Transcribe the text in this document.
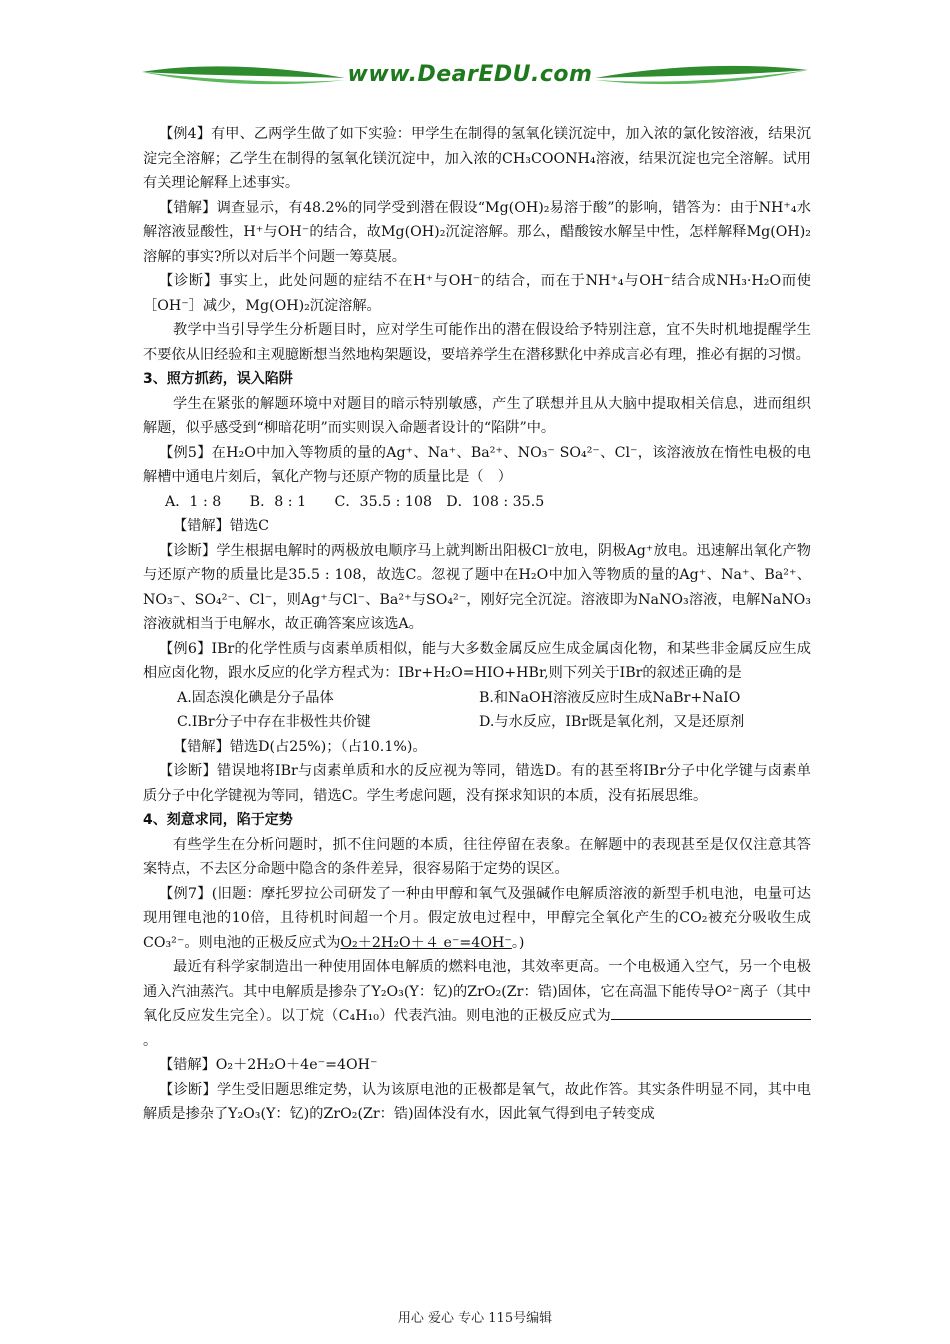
www.DearEDU.com

【例4】有甲、乙两学生做了如下实验：甲学生在制得的氢氧化镁沉淀中，加入浓的氯化铵溶液，结果沉淀完全溶解；乙学生在制得的氢氧化镁沉淀中，加入浓的CH₃COONH₄溶液，结果沉淀也完全溶解。试用有关理论解释上述事实。

【错解】调查显示，有48.2%的同学受到潜在假设“Mg(OH)₂易溶于酸”的影响，错答为：由于NH⁺₄水解溶液显酸性，H⁺与OH⁻的结合，故Mg(OH)₂沉淀溶解。那么，醋酸铵水解呈中性，怎样解释Mg(OH)₂溶解的事实?所以对后半个问题一筹莫展。

【诊断】事实上，此处问题的症结不在H⁺与OH⁻的结合，而在于NH⁺₄与OH⁻结合成NH₃·H₂O而使［OH⁻］减少，Mg(OH)₂沉淀溶解。

教学中当引导学生分析题目时，应对学生可能作出的潜在假设给予特别注意，宜不失时机地提醒学生不要依从旧经验和主观臆断想当然地构架题设，要培养学生在潜移默化中养成言必有理，推必有据的习惯。

3、照方抓药，误入陷阱

学生在紧张的解题环境中对题目的暗示特别敏感，产生了联想并且从大脑中提取相关信息，进而组织解题，似乎感受到“柳暗花明”而实则误入命题者设计的“陷阱”中。

【例5】在H₂O中加入等物质的量的Ag⁺、Na⁺、Ba²⁺、NO₃⁻ SO₄²⁻、Cl⁻，该溶液放在惰性电极的电解槽中通电片刻后，氧化产物与还原产物的质量比是（　）

A．1 : 8　　B．8 : 1　　C．35.5 : 108　D．108 : 35.5

【错解】错选C

【诊断】学生根据电解时的两极放电顺序马上就判断出阳极Cl⁻放电，阴极Ag⁺放电。迅速解出氧化产物与还原产物的质量比是35.5 : 108，故选C。忽视了题中在H₂O中加入等物质的量的Ag⁺、Na⁺、Ba²⁺、NO₃⁻、SO₄²⁻、Cl⁻，则Ag⁺与Cl⁻、Ba²⁺与SO₄²⁻，刚好完全沉淀。溶液即为NaNO₃溶液，电解NaNO₃溶液就相当于电解水，故正确答案应该选A。

【例6】IBr的化学性质与卤素单质相似，能与大多数金属反应生成金属卤化物，和某些非金属反应生成相应卤化物，跟水反应的化学方程式为：IBr+H₂O=HIO+HBr,则下列关于IBr的叙述正确的是

A.固态溴化碘是分子晶体	B.和NaOH溶液反应时生成NaBr+NaIO
C.IBr分子中存在非极性共价键	D.与水反应，IBr既是氧化剂，又是还原剂

【错解】错选D(占25%)；（占10.1%)。

【诊断】错误地将IBr与卤素单质和水的反应视为等同，错选D。有的甚至将IBr分子中化学键与卤素单质分子中化学键视为等同，错选C。学生考虑问题，没有探求知识的本质，没有拓展思维。

4、刻意求同，陷于定势

有些学生在分析问题时，抓不住问题的本质，往往停留在表象。在解题中的表现甚至是仅仅注意其答案特点，不去区分命题中隐含的条件差异，很容易陷于定势的误区。

【例7】(旧题：摩托罗拉公司研发了一种由甲醇和氧气及强碱作电解质溶液的新型手机电池，电量可达现用锂电池的10倍，且待机时间超一个月。假定放电过程中，甲醇完全氧化产生的CO₂被充分吸收生成CO₃²⁻。则电池的正极反应式为O₂＋2H₂O＋４ e⁻=4OH⁻。)

最近有科学家制造出一种使用固体电解质的燃料电池，其效率更高。一个电极通入空气，另一个电极通入汽油蒸汽。其中电解质是掺杂了Y₂O₃(Y：钇)的ZrO₂(Zr：锆)固体，它在高温下能传导O²⁻离子（其中氧化反应发生完全）。以丁烷（C₄H₁₀）代表汽油。则电池的正极反应式为。

【错解】O₂＋2H₂O＋4e⁻=4OH⁻

【诊断】学生受旧题思维定势，认为该原电池的正极都是氧气，故此作答。其实条件明显不同，其中电解质是掺杂了Y₂O₃(Y：钇)的ZrO₂(Zr：锆)固体没有水，因此氧气得到电子转变成

用心 爱心 专心 115号编辑
